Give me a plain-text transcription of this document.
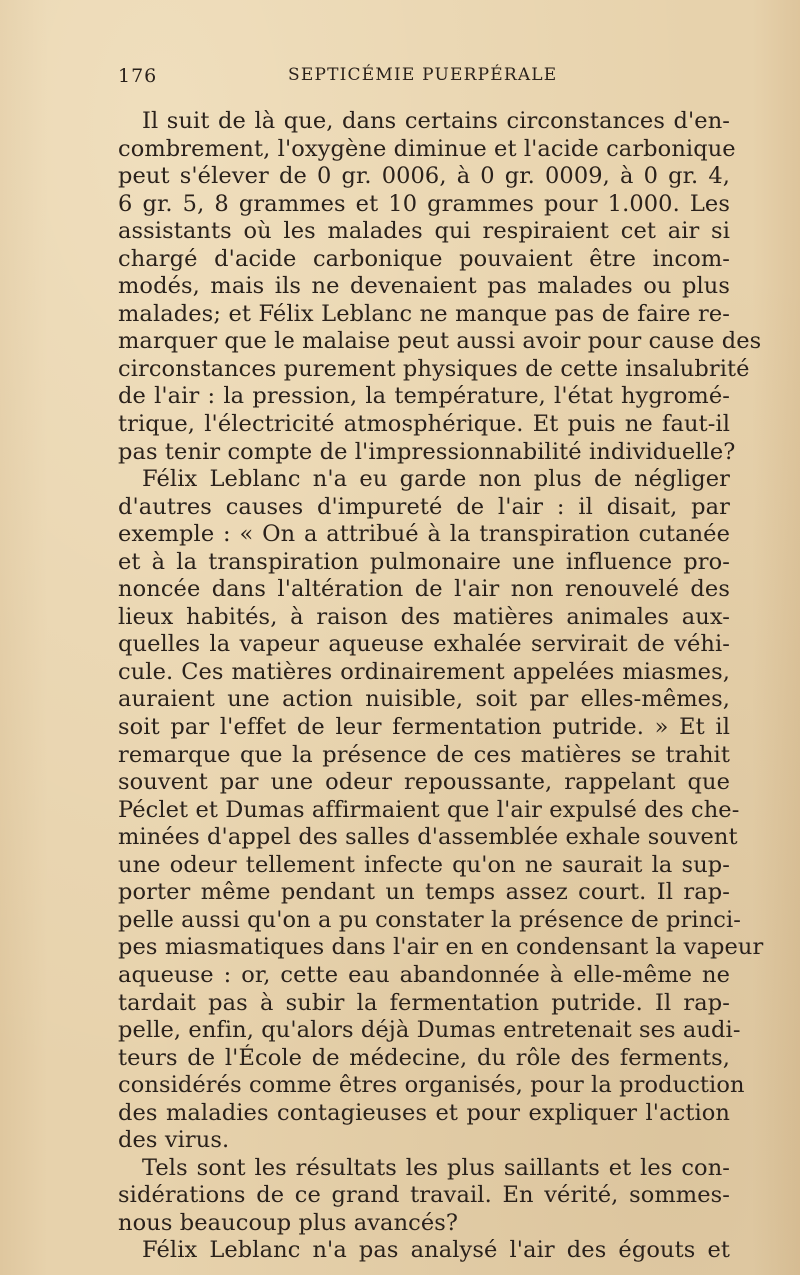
176	SEPTICÉMIE PUERPÉRALE
Il suit de là que, dans certains circonstances d'en-
combrement, l'oxygène diminue et l'acide carbonique
peut s'élever de 0 gr. 0006, à 0 gr. 0009, à 0 gr. 4,
6 gr. 5, 8 grammes et 10 grammes pour 1.000. Les
assistants où les malades qui respiraient cet air si
chargé d'acide carbonique pouvaient être incom-
modés, mais ils ne devenaient pas malades ou plus
malades; et Félix Leblanc ne manque pas de faire re-
marquer que le malaise peut aussi avoir pour cause des
circonstances purement physiques de cette insalubrité
de l'air : la pression, la température, l'état hygromé-
trique, l'électricité atmosphérique. Et puis ne faut-il
pas tenir compte de l'impressionnabilité individuelle?
Félix Leblanc n'a eu garde non plus de négliger
d'autres causes d'impureté de l'air : il disait, par
exemple : « On a attribué à la transpiration cutanée
et à la transpiration pulmonaire une influence pro-
noncée dans l'altération de l'air non renouvelé des
lieux habités, à raison des matières animales aux-
quelles la vapeur aqueuse exhalée servirait de véhi-
cule. Ces matières ordinairement appelées miasmes,
auraient une action nuisible, soit par elles-mêmes,
soit par l'effet de leur fermentation putride. » Et il
remarque que la présence de ces matières se trahit
souvent par une odeur repoussante, rappelant que
Péclet et Dumas affirmaient que l'air expulsé des che-
minées d'appel des salles d'assemblée exhale souvent
une odeur tellement infecte qu'on ne saurait la sup-
porter même pendant un temps assez court. Il rap-
pelle aussi qu'on a pu constater la présence de princi-
pes miasmatiques dans l'air en en condensant la vapeur
aqueuse : or, cette eau abandonnée à elle-même ne
tardait pas à subir la fermentation putride. Il rap-
pelle, enfin, qu'alors déjà Dumas entretenait ses audi-
teurs de l'École de médecine, du rôle des ferments,
considérés comme êtres organisés, pour la production
des maladies contagieuses et pour expliquer l'action
des virus.
Tels sont les résultats les plus saillants et les con-
sidérations de ce grand travail. En vérité, sommes-
nous beaucoup plus avancés?
Félix Leblanc n'a pas analysé l'air des égouts et
